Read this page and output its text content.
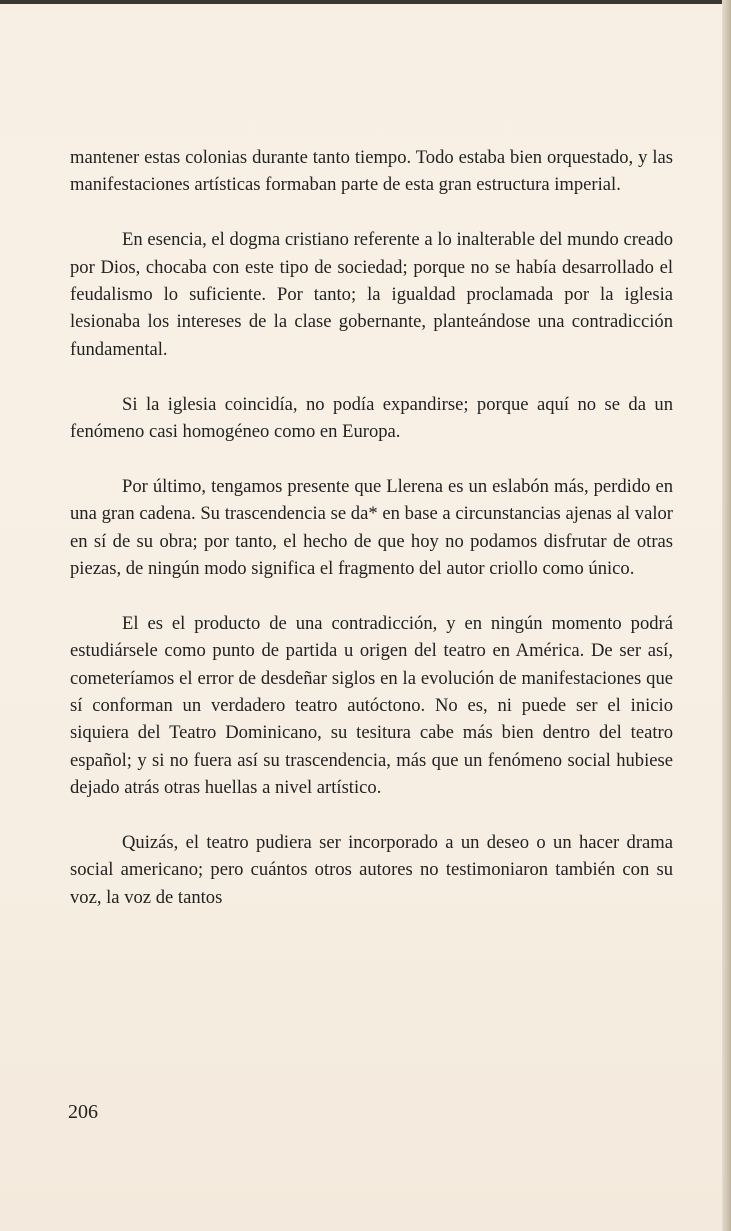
mantener estas colonias durante tanto tiempo. Todo estaba bien orquestado, y las manifestaciones artísticas formaban parte de esta gran estructura imperial.

En esencia, el dogma cristiano referente a lo inalterable del mundo creado por Dios, chocaba con este tipo de sociedad; porque no se había desarrollado el feudalismo lo suficiente. Por tanto; la igualdad proclamada por la iglesia lesionaba los intereses de la clase gobernante, planteándose una contradicción fundamental.

Si la iglesia coincidía, no podía expandirse; porque aquí no se da un fenómeno casi homogéneo como en Europa.

Por último, tengamos presente que Llerena es un eslabón más, perdido en una gran cadena. Su trascendencia se da* en base a circunstancias ajenas al valor en sí de su obra; por tanto, el hecho de que hoy no podamos disfrutar de otras piezas, de ningún modo significa el fragmento del autor criollo como único.

El es el producto de una contradicción, y en ningún momento podrá estudiársele como punto de partida u origen del teatro en América. De ser así, cometeríamos el error de desdeñar siglos en la evolución de manifestaciones que sí conforman un verdadero teatro autóctono. No es, ni puede ser el inicio siquiera del Teatro Dominicano, su tesitura cabe más bien dentro del teatro español; y si no fuera así su trascendencia, más que un fenómeno social hubiese dejado atrás otras huellas a nivel artístico.

Quizás, el teatro pudiera ser incorporado a un deseo o un hacer drama social americano; pero cuántos otros autores no testimoniaron también con su voz, la voz de tantos

206
